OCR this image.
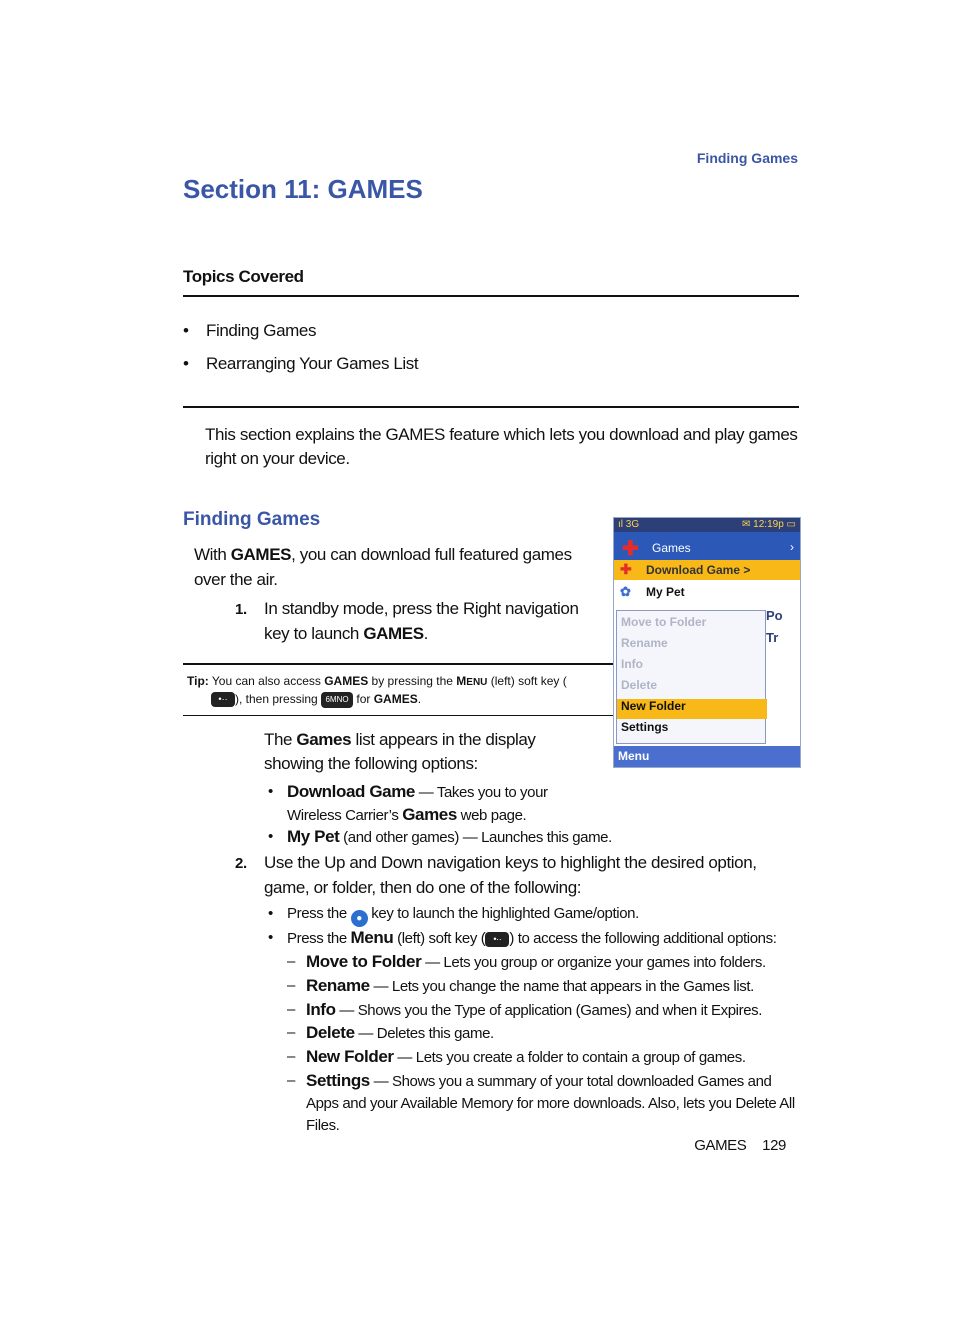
Finding Games
Section 11: GAMES
Topics Covered
• Finding Games
• Rearranging Your Games List
This section explains the GAMES feature which lets you download and play games right on your device.
Finding Games
With GAMES, you can download full featured games over the air.
1. In standby mode, press the Right navigation key to launch GAMES.
Tip: You can also access GAMES by pressing the MENU (left) soft key (
•·· ), then pressing 6MNO for GAMES.
ıl 3G	✉ 12:19p ▭
✚ Games	›
✚ Download Game >
✿ My Pet
Po
Tr
Move to Folder
Rename
Info
Delete
New Folder
Settings
Menu
The Games list appears in the display showing the following options:
• Download Game — Takes you to your Wireless Carrier’s Games web page.
• My Pet (and other games) — Launches this game.
2. Use the Up and Down navigation keys to highlight the desired option, game, or folder, then do one of the following:
• Press the ● key to launch the highlighted Game/option.
• Press the Menu (left) soft key ( •·· ) to access the following additional options:
– Move to Folder — Lets you group or organize your games into folders.
– Rename — Lets you change the name that appears in the Games list.
– Info — Shows you the Type of application (Games) and when it Expires.
– Delete — Deletes this game.
– New Folder — Lets you create a folder to contain a group of games.
– Settings — Shows you a summary of your total downloaded Games and Apps and your Available Memory for more downloads. Also, lets you Delete All Files.
GAMES 129
